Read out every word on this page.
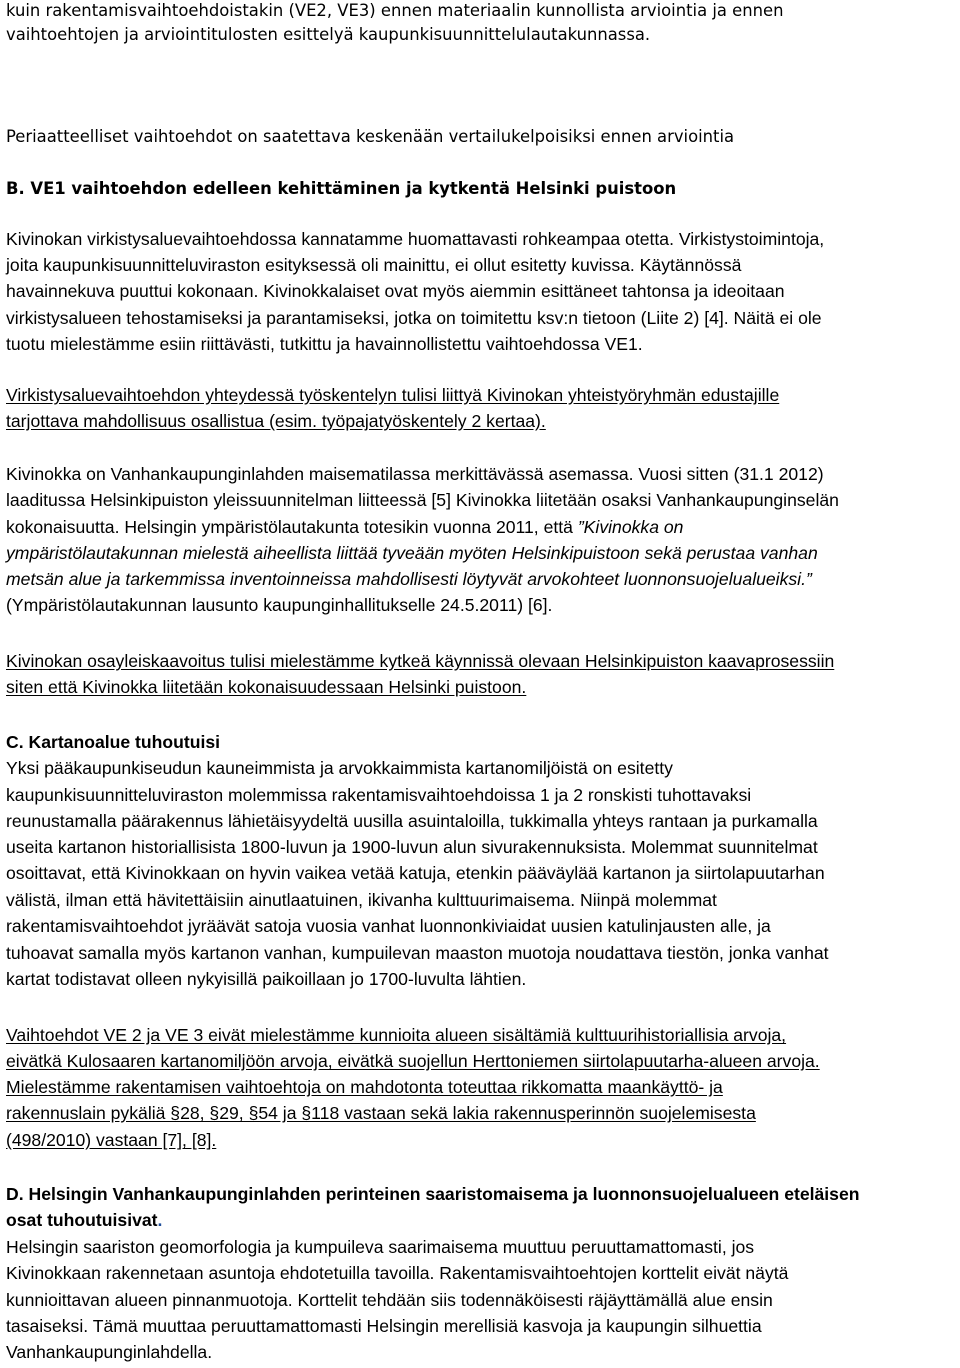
kuin rakentamisvaihtoehdoistakin (VE2, VE3) ennen materiaalin kunnollista arviointia ja ennen
vaihtoehtojen ja arviointitulosten esittelyä kaupunkisuunnittelulautakunnassa.
Periaatteelliset vaihtoehdot on saatettava keskenään vertailukelpoisiksi ennen arviointia
B. VE1 vaihtoehdon edelleen kehittäminen ja kytkentä Helsinki puistoon
Kivinokan virkistysaluevaihtoehdossa kannatamme huomattavasti rohkeampaa otetta. Virkistystoimintoja,
joita kaupunkisuunnitteluviraston esityksessä oli mainittu, ei ollut esitetty kuvissa. Käytännössä
havainnekuva puuttui kokonaan. Kivinokkalaiset ovat myös aiemmin esittäneet tahtonsa ja ideoitaan
virkistysalueen tehostamiseksi ja parantamiseksi, jotka on toimitettu ksv:n tietoon (Liite 2) [4]. Näitä ei ole
tuotu mielestämme esiin riittävästi, tutkittu ja havainnollistettu vaihtoehdossa VE1.
Virkistysaluevaihtoehdon yhteydessä työskentelyn tulisi liittyä Kivinokan yhteistyöryhmän edustajille
tarjottava mahdollisuus osallistua (esim. työpajatyöskentely 2 kertaa).
Kivinokka on Vanhankaupunginlahden maisematilassa merkittävässä asemassa. Vuosi sitten (31.1 2012)
laaditussa Helsinkipuiston yleissuunnitelman liitteessä [5] Kivinokka liitetään osaksi Vanhankaupunginselän
kokonaisuutta. Helsingin ympäristölautakunta totesikin vuonna 2011, että ”Kivinokka on
ympäristölautakunnan mielestä aiheellista liittää tyveään myöten Helsinkipuistoon sekä perustaa vanhan
metsän alue ja tarkemmissa inventoinneissa mahdollisesti löytyvät arvokohteet luonnonsuojelualueiksi.”
(Ympäristölautakunnan lausunto kaupunginhallitukselle 24.5.2011) [6].
Kivinokan osayleiskaavoitus tulisi mielestämme kytkeä käynnissä olevaan Helsinkipuiston kaavaprosessiin
siten että Kivinokka liitetään kokonaisuudessaan Helsinki puistoon.
C. Kartanoalue tuhoutuisi
Yksi pääkaupunkiseudun kauneimmista ja arvokkaimmista kartanomiljöistä on esitetty
kaupunkisuunnitteluviraston molemmissa rakentamisvaihtoehdoissa 1 ja 2 ronskisti tuhottavaksi
reunustamalla päärakennus lähietäisyydeltä uusilla asuintaloilla, tukkimalla yhteys rantaan ja purkamalla
useita kartanon historiallisista 1800-luvun ja 1900-luvun alun sivurakennuksista. Molemmat suunnitelmat
osoittavat, että Kivinokkaan on hyvin vaikea vetää katuja, etenkin pääväylää kartanon ja siirtolapuutarhan
välistä, ilman että hävitettäisiin ainutlaatuinen, ikivanha kulttuurimaisema. Niinpä molemmat
rakentamisvaihtoehdot jyräävät satoja vuosia vanhat luonnonkiviaidat uusien katulinjausten alle, ja
tuhoavat samalla myös kartanon vanhan, kumpuilevan maaston muotoja noudattava tiestön, jonka vanhat
kartat todistavat olleen nykyisillä paikoillaan jo 1700-luvulta lähtien.
Vaihtoehdot VE 2 ja VE 3 eivät mielestämme kunnioita alueen sisältämiä kulttuurihistoriallisia arvoja,
eivätkä Kulosaaren kartanomiljöön arvoja, eivätkä suojellun Herttoniemen siirtolapuutarha-alueen arvoja.
Mielestämme rakentamisen vaihtoehtoja on mahdotonta toteuttaa rikkomatta maankäyttö- ja
rakennuslain pykäliä §28, §29, §54 ja §118 vastaan sekä lakia rakennusperinnön suojelemisesta
(498/2010) vastaan [7], [8].
D. Helsingin Vanhankaupunginlahden perinteinen saaristomaisema ja luonnonsuojelualueen eteläisen
osat tuhoutuisivat.
Helsingin saariston geomorfologia ja kumpuileva saarimaisema muuttuu peruuttamattomasti, jos
Kivinokkaan rakennetaan asuntoja ehdotetuilla tavoilla. Rakentamisvaihtoehtojen korttelit eivät näytä
kunnioittavan alueen pinnanmuotoja. Korttelit tehdään siis todennäköisesti räjäyttämällä alue ensin
tasaiseksi. Tämä muuttaa peruuttamattomasti Helsingin merellisiä kasvoja ja kaupungin silhuettia
Vanhankaupunginlahdella.
